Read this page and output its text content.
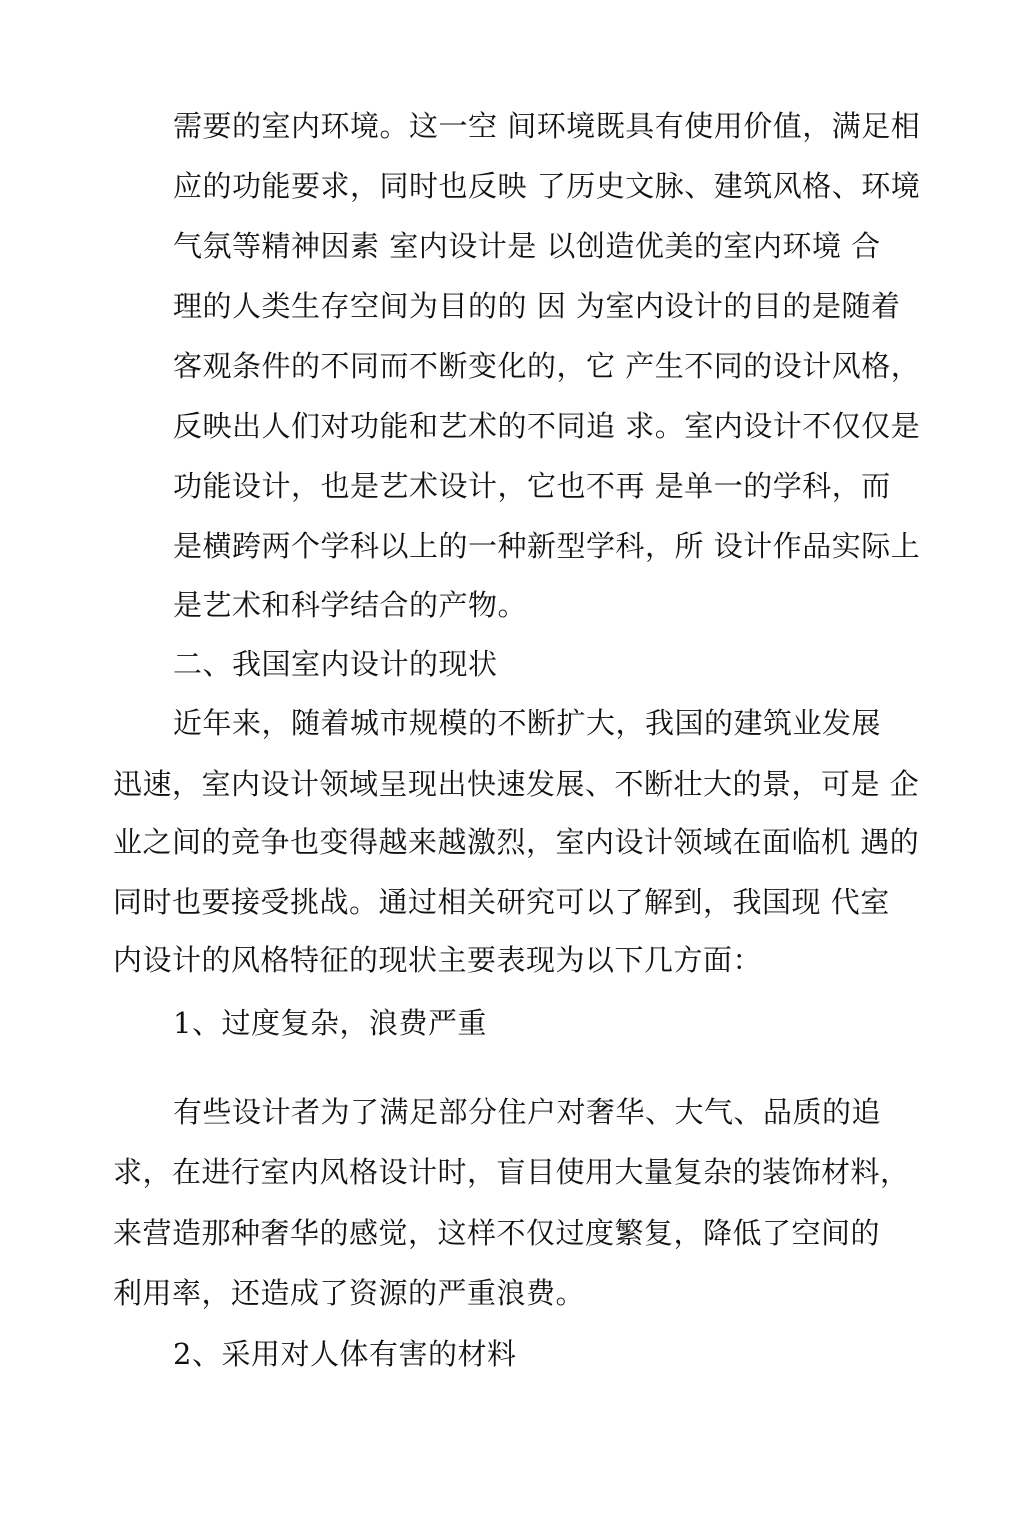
需要的室内环境。这一空 间环境既具有使用价值，满足相
应的功能要求，同时也反映 了历史文脉、建筑风格、环境
气氛等精神因素 室内设计是 以创造优美的室内环境 合
理的人类生存空间为目的的 因 为室内设计的目的是随着
客观条件的不同而不断变化的，它 产生不同的设计风格，
反映出人们对功能和艺术的不同追 求。室内设计不仅仅是
功能设计，也是艺术设计，它也不再 是单一的学科，而
是横跨两个学科以上的一种新型学科，所 设计作品实际上
是艺术和科学结合的产物。
二、我国室内设计的现状
近年来，随着城市规模的不断扩大，我国的建筑业发展
迅速，室内设计领域呈现出快速发展、不断壮大的景，可是 企
业之间的竞争也变得越来越激烈，室内设计领域在面临机 遇的
同时也要接受挑战。通过相关研究可以了解到，我国现 代室
内设计的风格特征的现状主要表现为以下几方面：
1、过度复杂，浪费严重
有些设计者为了满足部分住户对奢华、大气、品质的追
求，在进行室内风格设计时，盲目使用大量复杂的装饰材料，
来营造那种奢华的感觉，这样不仅过度繁复，降低了空间的
利用率，还造成了资源的严重浪费。
2、采用对人体有害的材料
